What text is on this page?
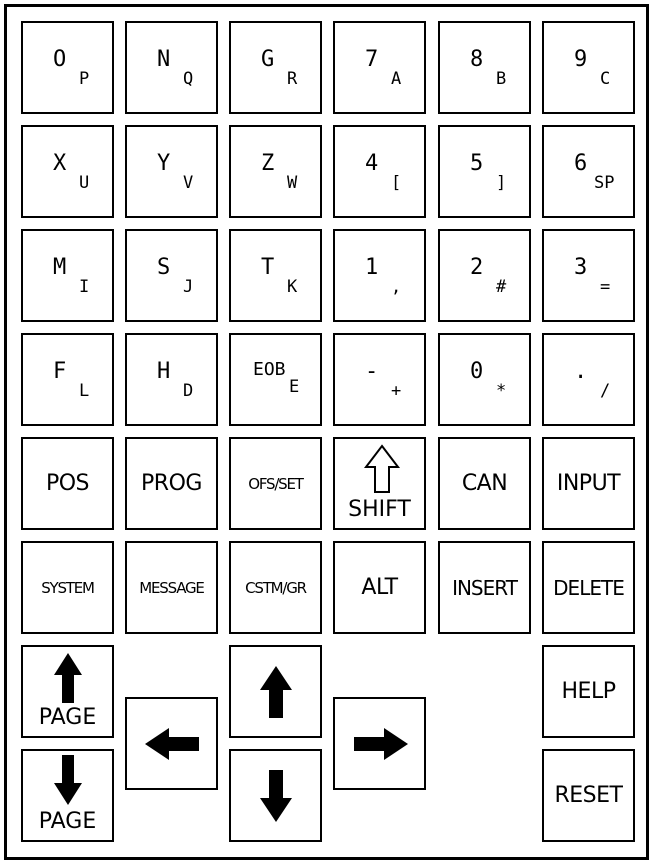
O
P
N
Q
G
R
7
A
8
B
9
C
X
U
Y
V
Z
W
4
[
5
]
6
SP
M
I
S
J
T
K
1
,
2
#
3
=
F
L
H
D
EOB
E
-
+
0
*
.
/
POS	PROG	OFS/SET
SHIFT
CAN	INPUT
SYSTEM	MESSAGE	CSTM/GR	ALT	INSERT	DELETE
PAGE
PAGE
HELP
RESET
